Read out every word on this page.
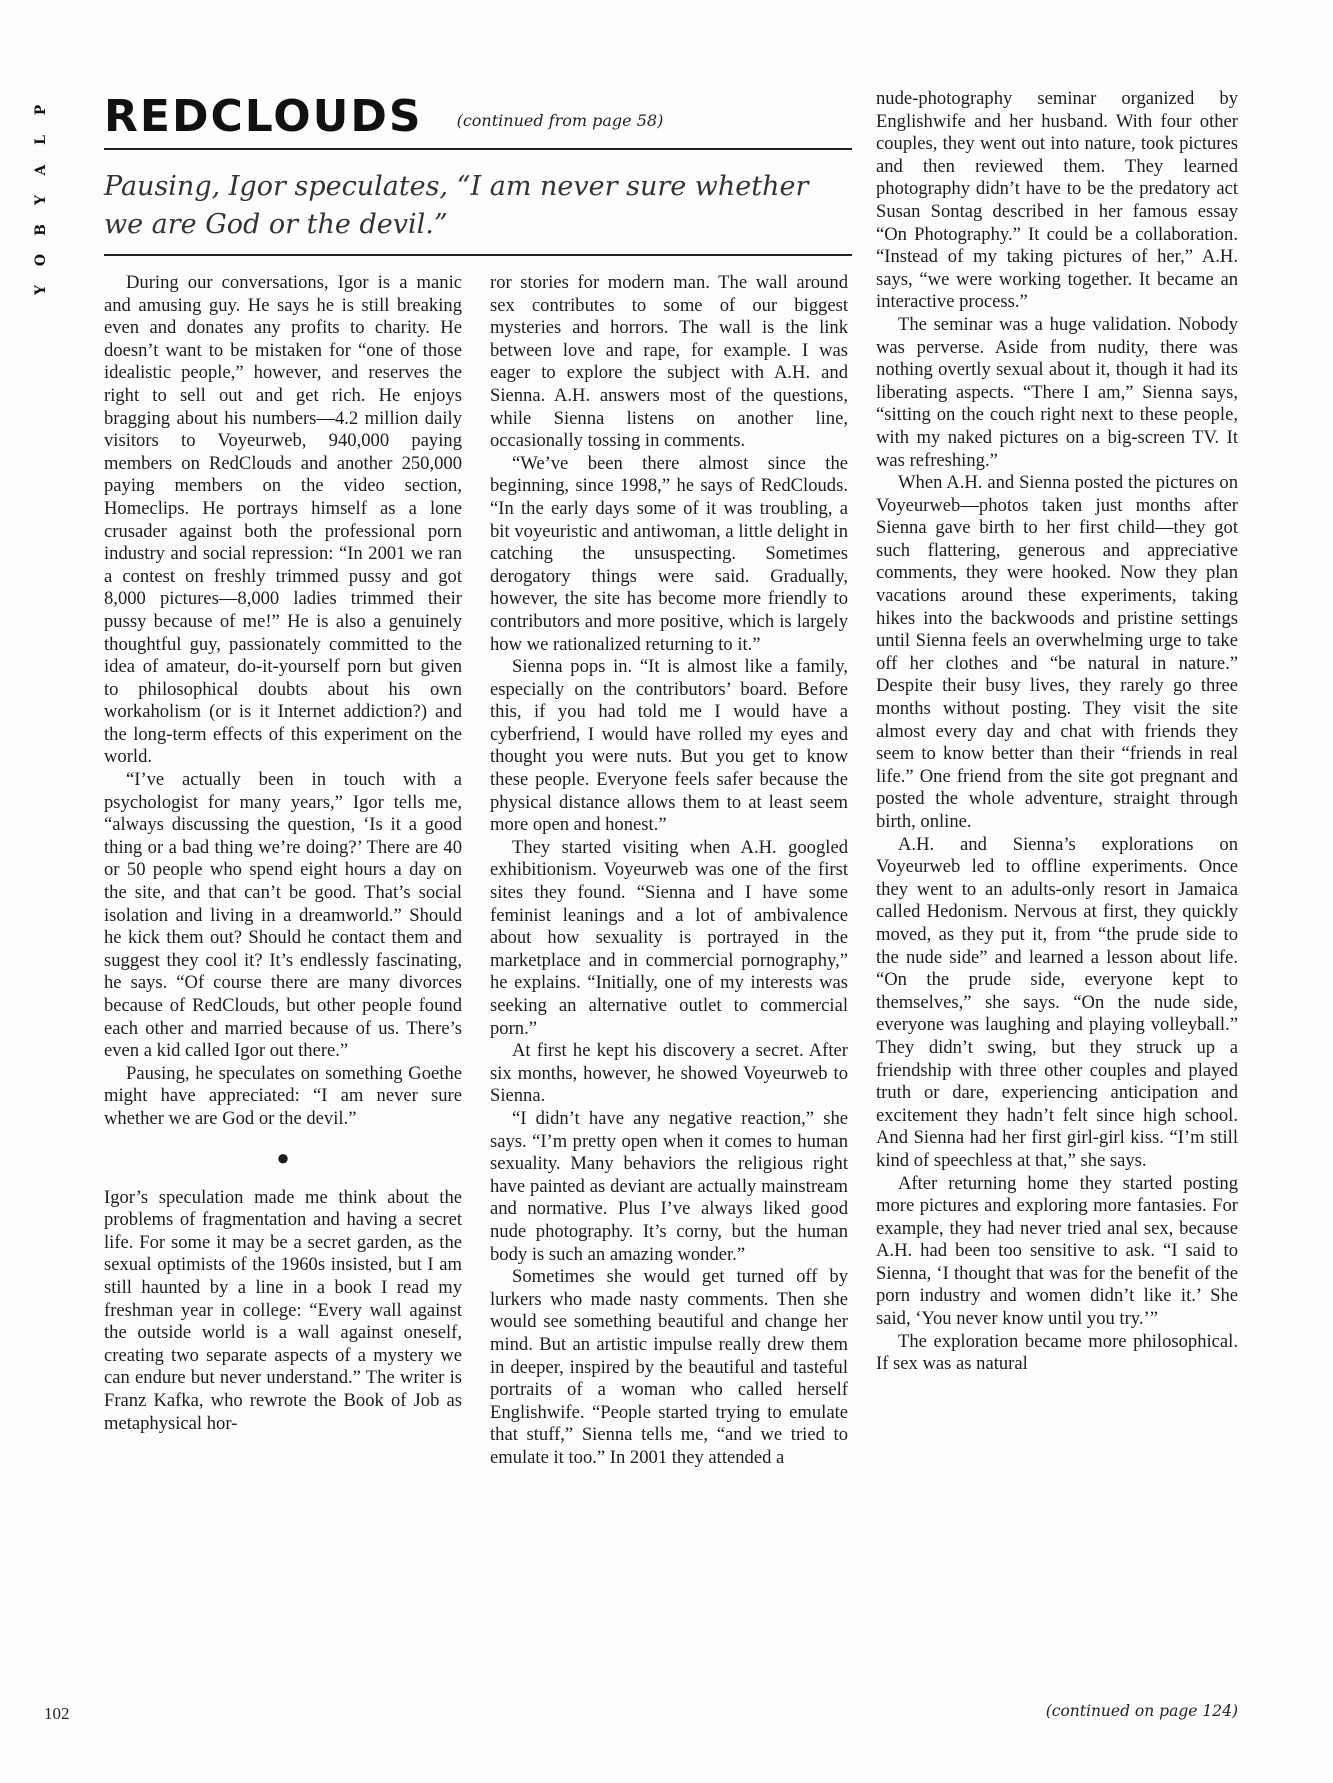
P
L
A
Y
B
O
Y
REDCLOUDS (continued from page 58)
Pausing, Igor speculates, “I am never sure whether we are God or the devil.”

During our conversations, Igor is a manic and amusing guy. He says he is still breaking even and donates any profits to charity. He doesn’t want to be mistaken for “one of those idealistic people,” however, and reserves the right to sell out and get rich. He enjoys bragging about his numbers—4.2 million daily visitors to Voyeurweb, 940,000 paying members on RedClouds and another 250,000 paying members on the video section, Homeclips. He portrays himself as a lone crusader against both the professional porn industry and social repression: “In 2001 we ran a contest on freshly trimmed pussy and got 8,000 pictures—8,000 ladies trimmed their pussy because of me!” He is also a genuinely thoughtful guy, passionately committed to the idea of amateur, do-it-yourself porn but given to philosophical doubts about his own workaholism (or is it Internet addiction?) and the long-term effects of this experiment on the world.

“I’ve actually been in touch with a psychologist for many years,” Igor tells me, “always discussing the question, ‘Is it a good thing or a bad thing we’re doing?’ There are 40 or 50 people who spend eight hours a day on the site, and that can’t be good. That’s social isolation and living in a dreamworld.” Should he kick them out? Should he contact them and suggest they cool it? It’s endlessly fascinating, he says. “Of course there are many divorces because of RedClouds, but other people found each other and married because of us. There’s even a kid called Igor out there.”

Pausing, he speculates on something Goethe might have appreciated: “I am never sure whether we are God or the devil.”

●

Igor’s speculation made me think about the problems of fragmentation and having a secret life. For some it may be a secret garden, as the sexual optimists of the 1960s insisted, but I am still haunted by a line in a book I read my freshman year in college: “Every wall against the outside world is a wall against oneself, creating two separate aspects of a mystery we can endure but never understand.” The writer is Franz Kafka, who rewrote the Book of Job as metaphysical hor-

ror stories for modern man. The wall around sex contributes to some of our biggest mysteries and horrors. The wall is the link between love and rape, for example. I was eager to explore the subject with A.H. and Sienna. A.H. answers most of the questions, while Sienna listens on another line, occasionally tossing in comments.

“We’ve been there almost since the beginning, since 1998,” he says of RedClouds. “In the early days some of it was troubling, a bit voyeuristic and antiwoman, a little delight in catching the unsuspecting. Sometimes derogatory things were said. Gradually, however, the site has become more friendly to contributors and more positive, which is largely how we rationalized returning to it.”

Sienna pops in. “It is almost like a family, especially on the contributors’ board. Before this, if you had told me I would have a cyberfriend, I would have rolled my eyes and thought you were nuts. But you get to know these people. Everyone feels safer because the physical distance allows them to at least seem more open and honest.”

They started visiting when A.H. googled exhibitionism. Voyeurweb was one of the first sites they found. “Sienna and I have some feminist leanings and a lot of ambivalence about how sexuality is portrayed in the marketplace and in commercial pornography,” he explains. “Initially, one of my interests was seeking an alternative outlet to commercial porn.”

At first he kept his discovery a secret. After six months, however, he showed Voyeurweb to Sienna.

“I didn’t have any negative reaction,” she says. “I’m pretty open when it comes to human sexuality. Many behaviors the religious right have painted as deviant are actually mainstream and normative. Plus I’ve always liked good nude photography. It’s corny, but the human body is such an amazing wonder.”

Sometimes she would get turned off by lurkers who made nasty comments. Then she would see something beautiful and change her mind. But an artistic impulse really drew them in deeper, inspired by the beautiful and tasteful portraits of a woman who called herself Englishwife. “People started trying to emulate that stuff,” Sienna tells me, “and we tried to emulate it too.” In 2001 they attended a

nude-photography seminar organized by Englishwife and her husband. With four other couples, they went out into nature, took pictures and then reviewed them. They learned photography didn’t have to be the predatory act Susan Sontag described in her famous essay “On Photography.” It could be a collaboration. “Instead of my taking pictures of her,” A.H. says, “we were working together. It became an interactive process.”

The seminar was a huge validation. Nobody was perverse. Aside from nudity, there was nothing overtly sexual about it, though it had its liberating aspects. “There I am,” Sienna says, “sitting on the couch right next to these people, with my naked pictures on a big-screen TV. It was refreshing.”

When A.H. and Sienna posted the pictures on Voyeurweb—photos taken just months after Sienna gave birth to her first child—they got such flattering, generous and appreciative comments, they were hooked. Now they plan vacations around these experiments, taking hikes into the backwoods and pristine settings until Sienna feels an overwhelming urge to take off her clothes and “be natural in nature.” Despite their busy lives, they rarely go three months without posting. They visit the site almost every day and chat with friends they seem to know better than their “friends in real life.” One friend from the site got pregnant and posted the whole adventure, straight through birth, online.

A.H. and Sienna’s explorations on Voyeurweb led to offline experiments. Once they went to an adults-only resort in Jamaica called Hedonism. Nervous at first, they quickly moved, as they put it, from “the prude side to the nude side” and learned a lesson about life. “On the prude side, everyone kept to themselves,” she says. “On the nude side, everyone was laughing and playing volleyball.” They didn’t swing, but they struck up a friendship with three other couples and played truth or dare, experiencing anticipation and excitement they hadn’t felt since high school. And Sienna had her first girl-girl kiss. “I’m still kind of speechless at that,” she says.

After returning home they started posting more pictures and exploring more fantasies. For example, they had never tried anal sex, because A.H. had been too sensitive to ask. “I said to Sienna, ‘I thought that was for the benefit of the porn industry and women didn’t like it.’ She said, ‘You never know until you try.’”

The exploration became more philosophical. If sex was as natural

(continued on page 124)
102
